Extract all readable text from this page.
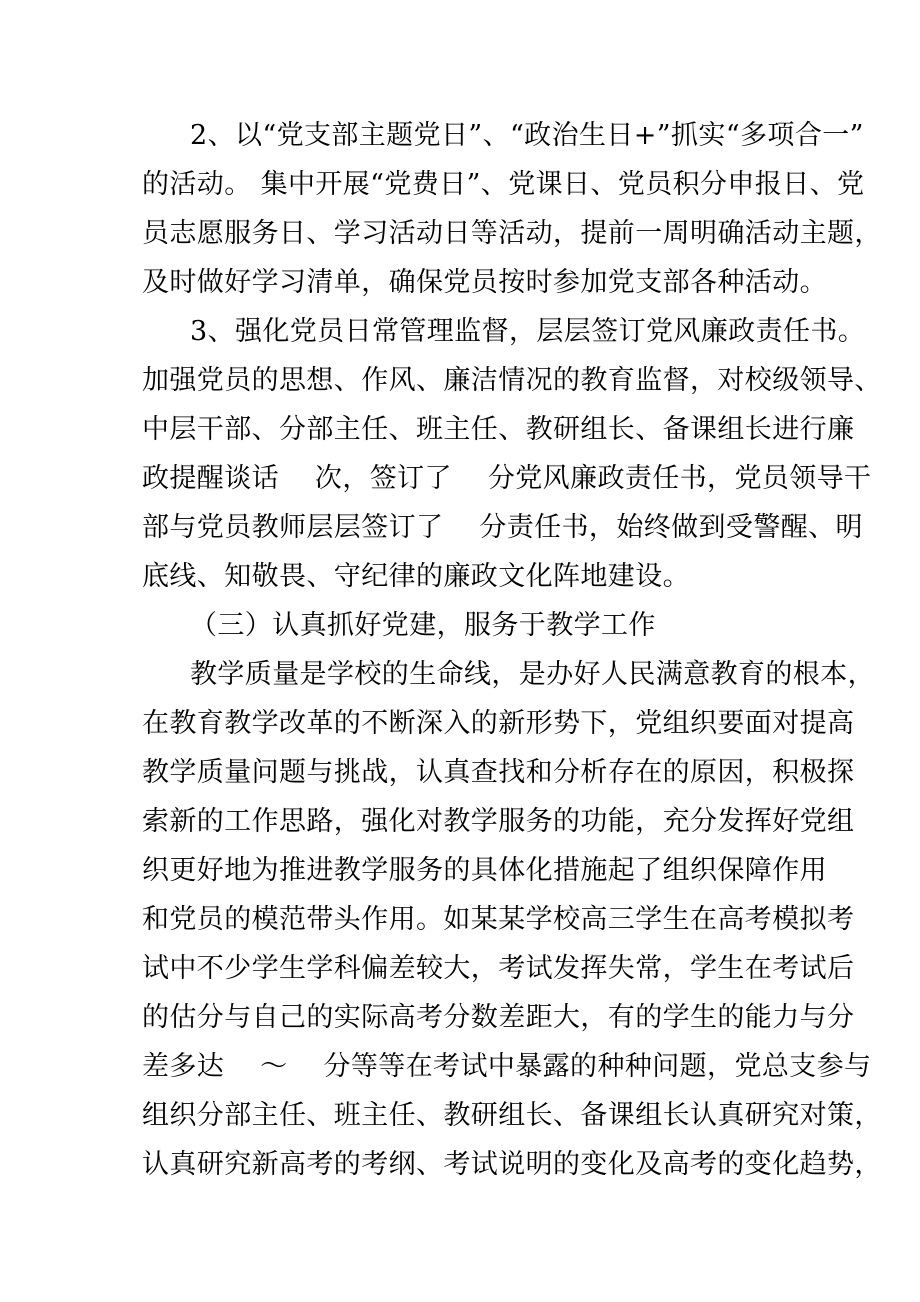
2、以“党支部主题党日”、“政治生日+”抓实“多项合一”
的活动。 集中开展“党费日”、党课日、党员积分申报日、党
员志愿服务日、学习活动日等活动，提前一周明确活动主题，
及时做好学习清单，确保党员按时参加党支部各种活动。
3、强化党员日常管理监督，层层签订党风廉政责任书。
加强党员的思想、作风、廉洁情况的教育监督，对校级领导、
中层干部、分部主任、班主任、教研组长、备课组长进行廉
政提醒谈话    次，签订了    分党风廉政责任书，党员领导干
部与党员教师层层签订了    分责任书，始终做到受警醒、明
底线、知敬畏、守纪律的廉政文化阵地建设。
（三）认真抓好党建，服务于教学工作
教学质量是学校的生命线，是办好人民满意教育的根本，
在教育教学改革的不断深入的新形势下，党组织要面对提高
教学质量问题与挑战，认真查找和分析存在的原因，积极探
索新的工作思路，强化对教学服务的功能，充分发挥好党组
织更好地为推进教学服务的具体化措施起了组织保障作用
和党员的模范带头作用。如某某学校高三学生在高考模拟考
试中不少学生学科偏差较大，考试发挥失常，学生在考试后
的估分与自己的实际高考分数差距大，有的学生的能力与分
差多达    ～    分等等在考试中暴露的种种问题，党总支参与
组织分部主任、班主任、教研组长、备课组长认真研究对策，
认真研究新高考的考纲、考试说明的变化及高考的变化趋势，
